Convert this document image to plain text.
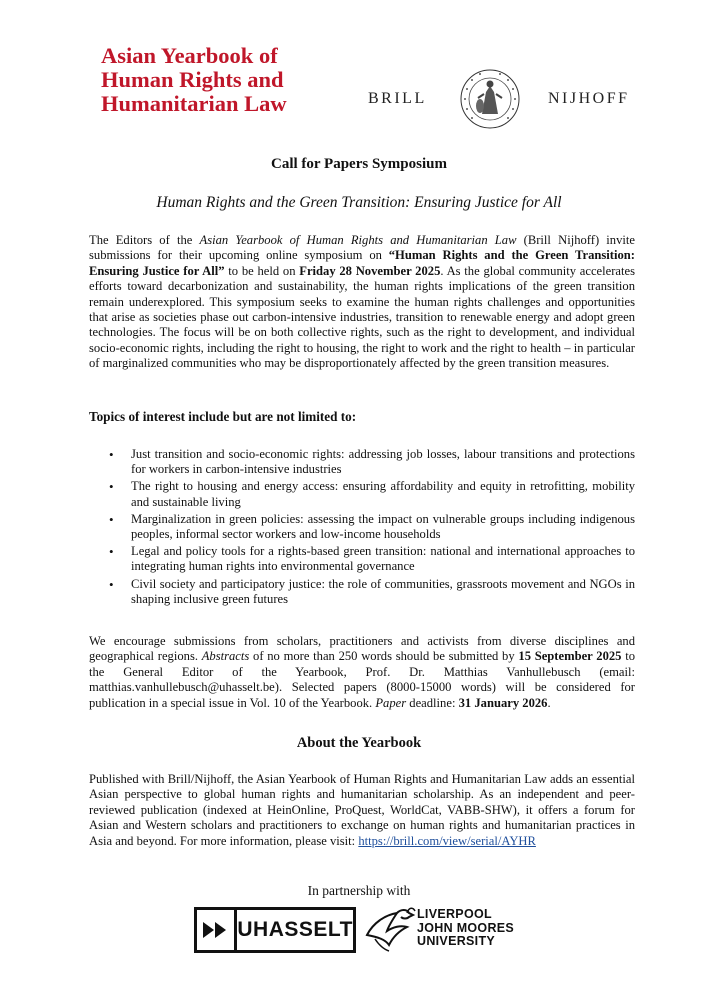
Asian Yearbook of
Human Rights and
Humanitarian Law	BRILL	NIJHOFF
Call for Papers Symposium
Human Rights and the Green Transition: Ensuring Justice for All

The Editors of the Asian Yearbook of Human Rights and Humanitarian Law (Brill Nijhoff) invite submissions for their upcoming online symposium on “Human Rights and the Green Transition: Ensuring Justice for All” to be held on Friday 28 November 2025. As the global community accelerates efforts toward decarbonization and sustainability, the human rights implications of the green transition remain underexplored. This symposium seeks to examine the human rights challenges and opportunities that arise as societies phase out carbon-intensive industries, transition to renewable energy and adopt green technologies. The focus will be on both collective rights, such as the right to development, and individual socio-economic rights, including the right to housing, the right to work and the right to health – in particular of marginalized communities who may be disproportionately affected by the green transition measures.

Topics of interest include but are not limited to:
• Just transition and socio-economic rights: addressing job losses, labour transitions and protections for workers in carbon-intensive industries
• The right to housing and energy access: ensuring affordability and equity in retrofitting, mobility and sustainable living
• Marginalization in green policies: assessing the impact on vulnerable groups including indigenous peoples, informal sector workers and low-income households
• Legal and policy tools for a rights-based green transition: national and international approaches to integrating human rights into environmental governance
• Civil society and participatory justice: the role of communities, grassroots movement and NGOs in shaping inclusive green futures

We encourage submissions from scholars, practitioners and activists from diverse disciplines and geographical regions. Abstracts of no more than 250 words should be submitted by 15 September 2025 to the General Editor of the Yearbook, Prof. Dr. Matthias Vanhullebusch (email: matthias.vanhullebusch@uhasselt.be). Selected papers (8000-15000 words) will be considered for publication in a special issue in Vol. 10 of the Yearbook. Paper deadline: 31 January 2026.

About the Yearbook

Published with Brill/Nijhoff, the Asian Yearbook of Human Rights and Humanitarian Law adds an essential Asian perspective to global human rights and humanitarian scholarship. As an independent and peer-reviewed publication (indexed at HeinOnline, ProQuest, WorldCat, VABB-SHW), it offers a forum for Asian and Western scholars and practitioners to exchange on human rights and humanitarian practices in Asia and beyond. For more information, please visit: https://brill.com/view/serial/AYHR

In partnership with
UHASSELT
LIVERPOOL
JOHN MOORES
UNIVERSITY
